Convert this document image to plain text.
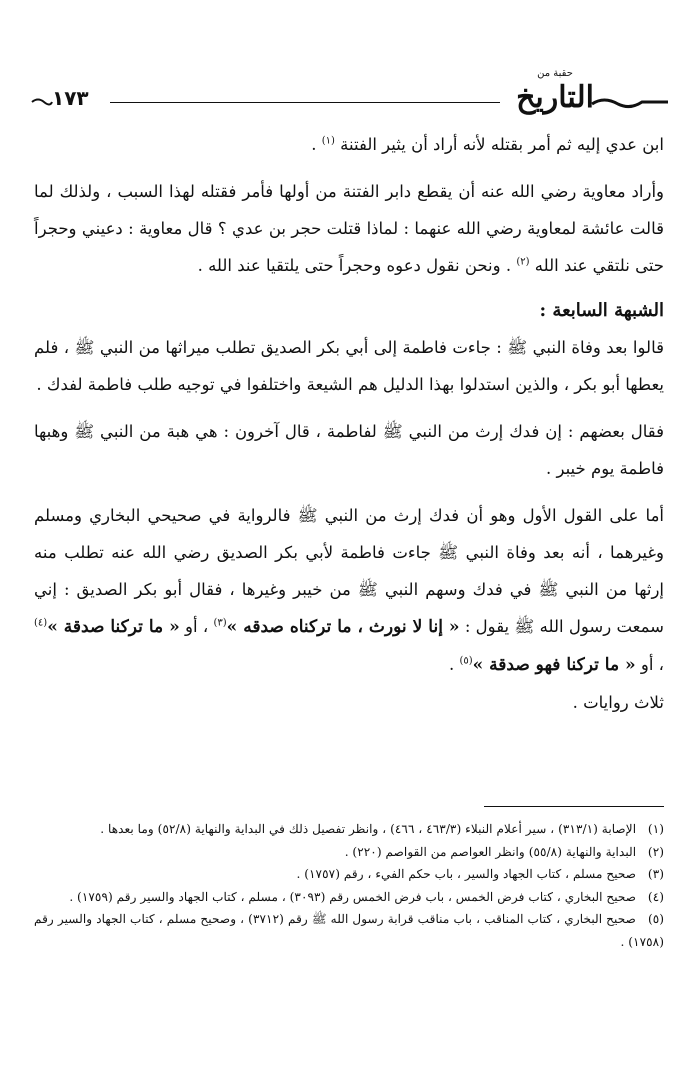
١٧٣
حقبة من
التاريخ

ابن عدي إليه ثم أمر بقتله لأنه أراد أن يثير الفتنة $^{(١)}$ .

وأراد معاوية رضي الله عنه أن يقطع دابر الفتنة من أولها فأمر فقتله لهذا السبب ، ولذلك لما قالت عائشة لمعاوية رضي الله عنهما : لماذا قتلت حجر بن عدي ؟ قال معاوية : دعيني وحجراً حتى نلتقي عند الله $^{(٢)}$ . ونحن نقول دعوه وحجراً حتى يلتقيا عند الله .

الشبهة السابعة :

قالوا بعد وفاة النبي ﷺ : جاءت فاطمة إلى أبي بكر الصديق تطلب ميراثها من النبي ﷺ ، فلم يعطها أبو بكر ، والذين استدلوا بهذا الدليل هم الشيعة واختلفوا في توجيه طلب فاطمة لفدك .

فقال بعضهم : إن فدك إرث من النبي ﷺ لفاطمة ، قال آخرون : هي هبة من النبي ﷺ وهبها فاطمة يوم خيبر .

أما على القول الأول وهو أن فدك إرث من النبي ﷺ فالرواية في صحيحي البخاري ومسلم وغيرهما ، أنه بعد وفاة النبي ﷺ جاءت فاطمة لأبي بكر الصديق رضي الله عنه تطلب منه إرثها من النبي ﷺ في فدك وسهم النبي ﷺ من خيبر وغيرها ، فقال أبو بكر الصديق : إني سمعت رسول الله ﷺ يقول : « إنا لا نورث ، ما تركناه صدقه »$^{(٣)}$ ، أو « ما تركنا صدقة »$^{(٤)}$ ، أو « ما تركنا فهو صدقة »$^{(٥)}$ .

ثلاث روايات .

(١) الإصابة (٣١٣/١) ، سير أعلام النبلاء (٤٦٣/٣ ، ٤٦٦) ، وانظر تفصيل ذلك في البداية والنهاية (٥٢/٨) وما بعدها .

(٢) البداية والنهاية (٥٥/٨) وانظر العواصم من القواصم (٢٢٠) .

(٣) صحيح مسلم ، كتاب الجهاد والسير ، باب حكم الفيء ، رقم (١٧٥٧) .

(٤) صحيح البخاري ، كتاب فرض الخمس ، باب فرض الخمس رقم (٣٠٩٣) ، مسلم ، كتاب الجهاد والسير رقم (١٧٥٩) .

(٥) صحيح البخاري ، كتاب المناقب ، باب مناقب قرابة رسول الله ﷺ رقم (٣٧١٢) ، وصحيح مسلم ، كتاب الجهاد والسير رقم (١٧٥٨) .
